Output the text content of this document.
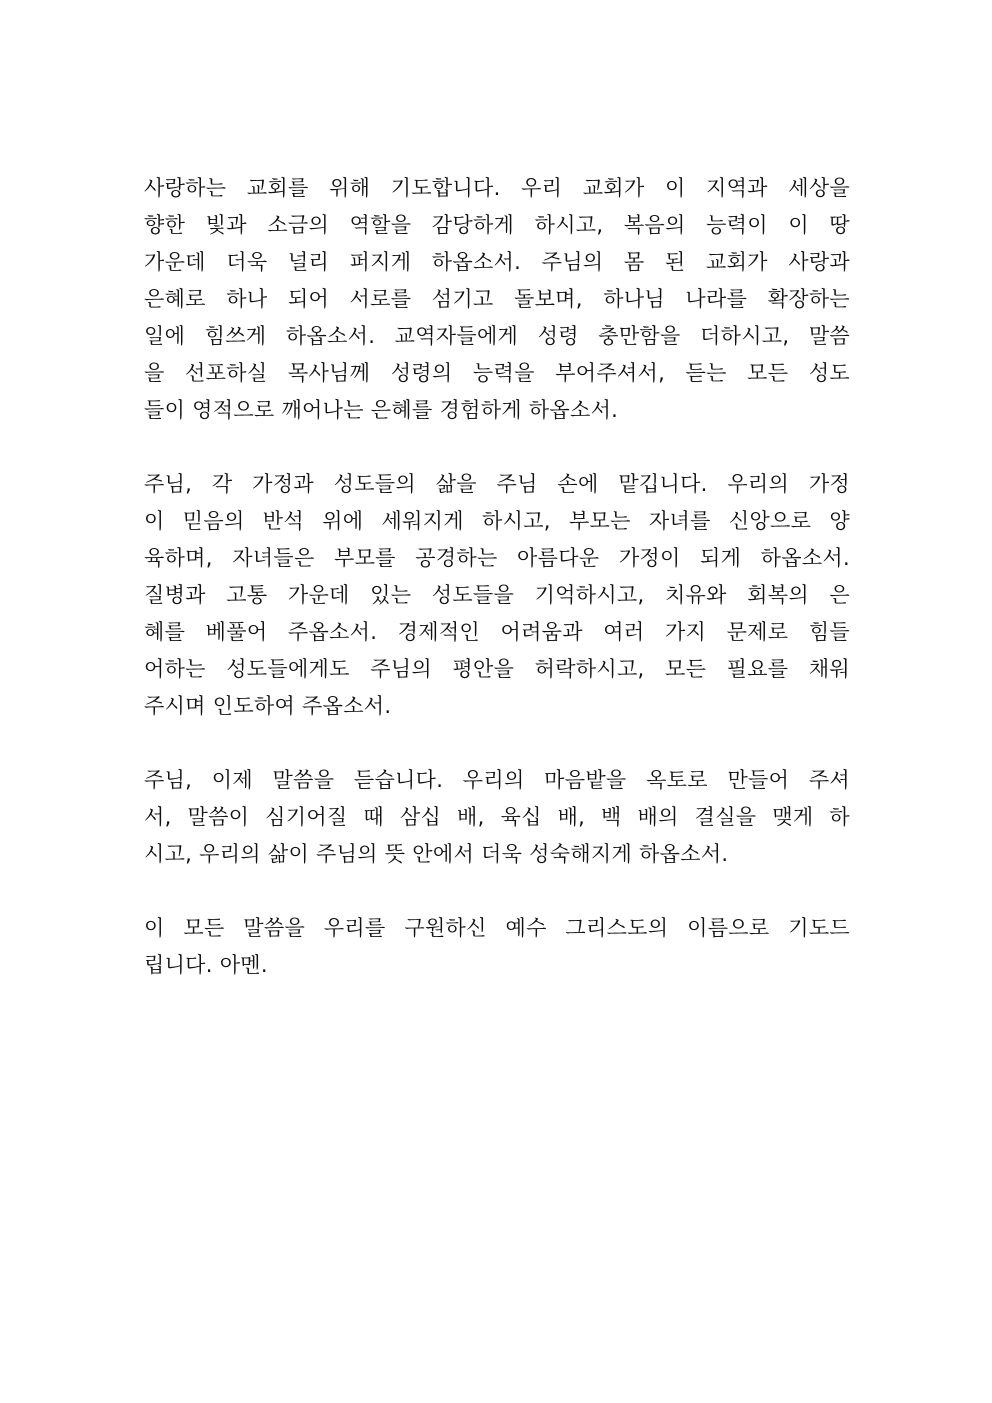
사랑하는 교회를 위해 기도합니다. 우리 교회가 이 지역과 세상을
향한 빛과 소금의 역할을 감당하게 하시고, 복음의 능력이 이 땅
가운데 더욱 널리 퍼지게 하옵소서. 주님의 몸 된 교회가 사랑과
은혜로 하나 되어 서로를 섬기고 돌보며, 하나님 나라를 확장하는
일에 힘쓰게 하옵소서. 교역자들에게 성령 충만함을 더하시고, 말씀
을 선포하실 목사님께 성령의 능력을 부어주셔서, 듣는 모든 성도
들이 영적으로 깨어나는 은혜를 경험하게 하옵소서.
주님, 각 가정과 성도들의 삶을 주님 손에 맡깁니다. 우리의 가정
이 믿음의 반석 위에 세워지게 하시고, 부모는 자녀를 신앙으로 양
육하며, 자녀들은 부모를 공경하는 아름다운 가정이 되게 하옵소서.
질병과 고통 가운데 있는 성도들을 기억하시고, 치유와 회복의 은
혜를 베풀어 주옵소서. 경제적인 어려움과 여러 가지 문제로 힘들
어하는 성도들에게도 주님의 평안을 허락하시고, 모든 필요를 채워
주시며 인도하여 주옵소서.
주님, 이제 말씀을 듣습니다. 우리의 마음밭을 옥토로 만들어 주셔
서, 말씀이 심기어질 때 삼십 배, 육십 배, 백 배의 결실을 맺게 하
시고, 우리의 삶이 주님의 뜻 안에서 더욱 성숙해지게 하옵소서.
이 모든 말씀을 우리를 구원하신 예수 그리스도의 이름으로 기도드
립니다. 아멘.
